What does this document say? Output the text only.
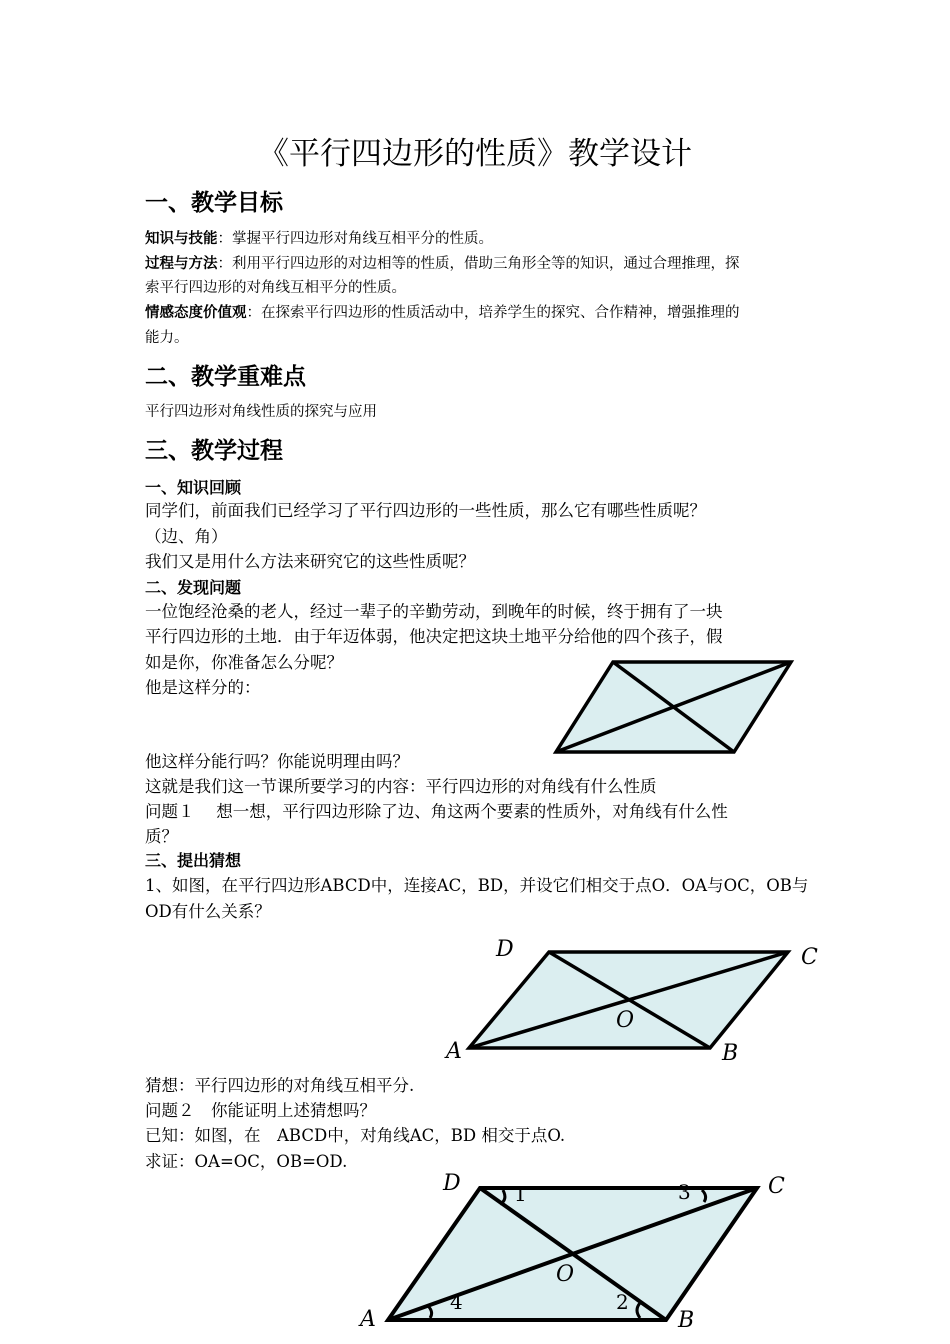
《平行四边形的性质》教学设计
一、教学目标
知识与技能：掌握平行四边形对角线互相平分的性质。
过程与方法：利用平行四边形的对边相等的性质，借助三角形全等的知识，通过合理推理，探
索平行四边形的对角线互相平分的性质。
情感态度价值观：在探索平行四边形的性质活动中，培养学生的探究、合作精神，增强推理的
能力。
二、教学重难点
平行四边形对角线性质的探究与应用
三、教学过程
一、知识回顾
同学们，前面我们已经学习了平行四边形的一些性质，那么它有哪些性质呢？
（边、角）
我们又是用什么方法来研究它的这些性质呢？
二、发现问题
一位饱经沧桑的老人，经过一辈子的辛勤劳动，到晚年的时候，终于拥有了一块
平行四边形的土地．由于年迈体弱，他决定把这块土地平分给他的四个孩子，假
如是你，你准备怎么分呢？
他是这样分的：
他这样分能行吗？你能说明理由吗？
这就是我们这一节课所要学习的内容：平行四边形的对角线有什么性质
问题１　 想一想，平行四边形除了边、角这两个要素的性质外，对角线有什么性
质？
三、提出猜想
1、如图，在平行四边形ABCD中，连接AC，BD，并设它们相交于点O．OA与OC，OB与
OD有什么关系？
D	C
A	B
O
猜想：平行四边形的对角线互相平分.
问题２　你能证明上述猜想吗？
已知：如图，在　ABCD中，对角线AC，BD 相交于点O.
求证：OA=OC，OB=OD.
D	C
A	B
O
1	3
4	2
